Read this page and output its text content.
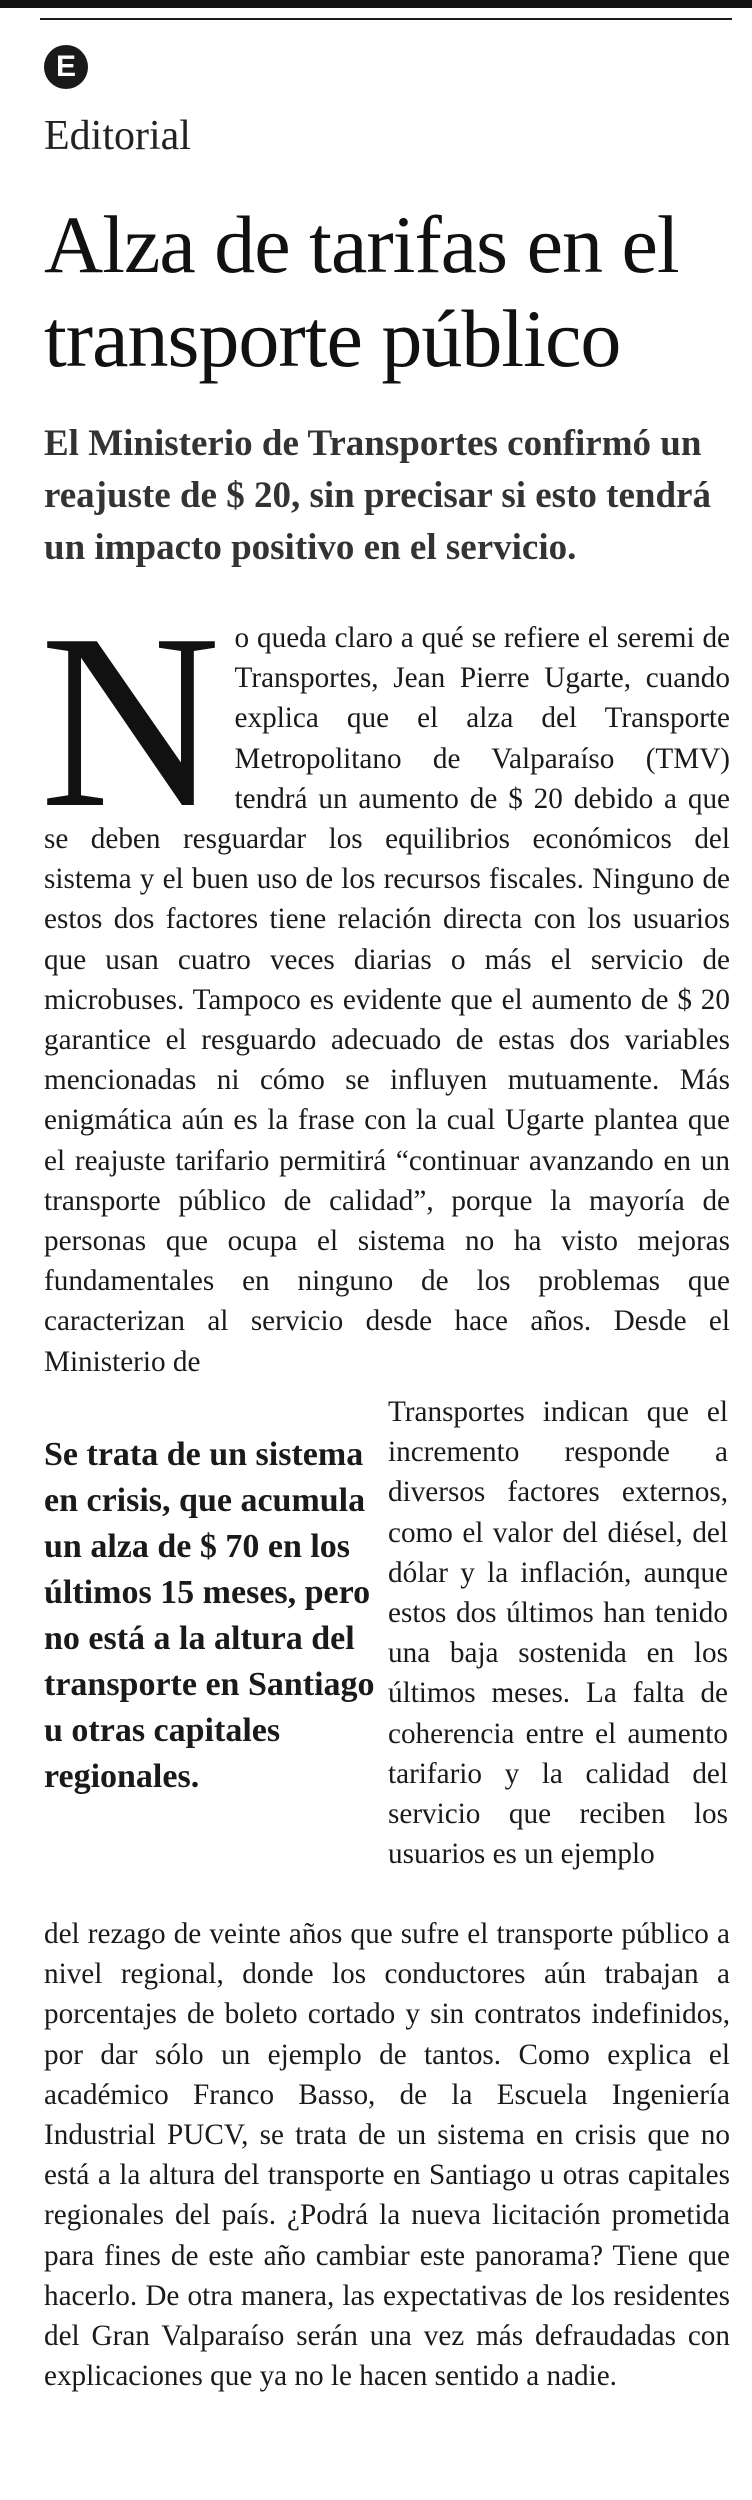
E
Editorial
Alza de tarifas en el transporte público

El Ministerio de Transportes confirmó un reajuste de $ 20, sin precisar si esto tendrá un impacto positivo en el servicio.

N o queda claro a qué se refiere el seremi de Transportes, Jean Pierre Ugarte, cuando explica que el alza del Transporte Metropolitano de Valparaíso (TMV) tendrá un aumento de $ 20 debido a que se deben resguardar los equilibrios económicos del sistema y el buen uso de los recursos fiscales. Ninguno de estos dos factores tiene relación directa con los usuarios que usan cuatro veces diarias o más el servicio de microbuses. Tampoco es evidente que el aumento de $ 20 garantice el resguardo adecuado de estas dos variables mencionadas ni cómo se influyen mutuamente. Más enigmática aún es la frase con la cual Ugarte plantea que el reajuste tarifario permitirá “continuar avanzando en un transporte público de calidad”, porque la mayoría de personas que ocupa el sistema no ha visto mejoras fundamentales en ninguno de los problemas que caracterizan al servicio desde hace años. Desde el Ministerio de
Se trata de un sistema en crisis, que acumula un alza de $ 70 en los últimos 15 meses, pero no está a la altura del transporte en Santiago u otras capitales regionales.
Transportes indican que el incremento responde a diversos factores externos, como el valor del diésel, del dólar y la inflación, aunque estos dos últimos han tenido una baja sostenida en los últimos meses. La falta de coherencia entre el aumento tarifario y la calidad del servicio que reciben los usuarios es un ejemplo
del rezago de veinte años que sufre el transporte público a nivel regional, donde los conductores aún trabajan a porcentajes de boleto cortado y sin contratos indefinidos, por dar sólo un ejemplo de tantos. Como explica el académico Franco Basso, de la Escuela Ingeniería Industrial PUCV, se trata de un sistema en crisis que no está a la altura del transporte en Santiago u otras capitales regionales del país. ¿Podrá la nueva licitación prometida para fines de este año cambiar este panorama? Tiene que hacerlo. De otra manera, las expectativas de los residentes del Gran Valparaíso serán una vez más defraudadas con explicaciones que ya no le hacen sentido a nadie.
